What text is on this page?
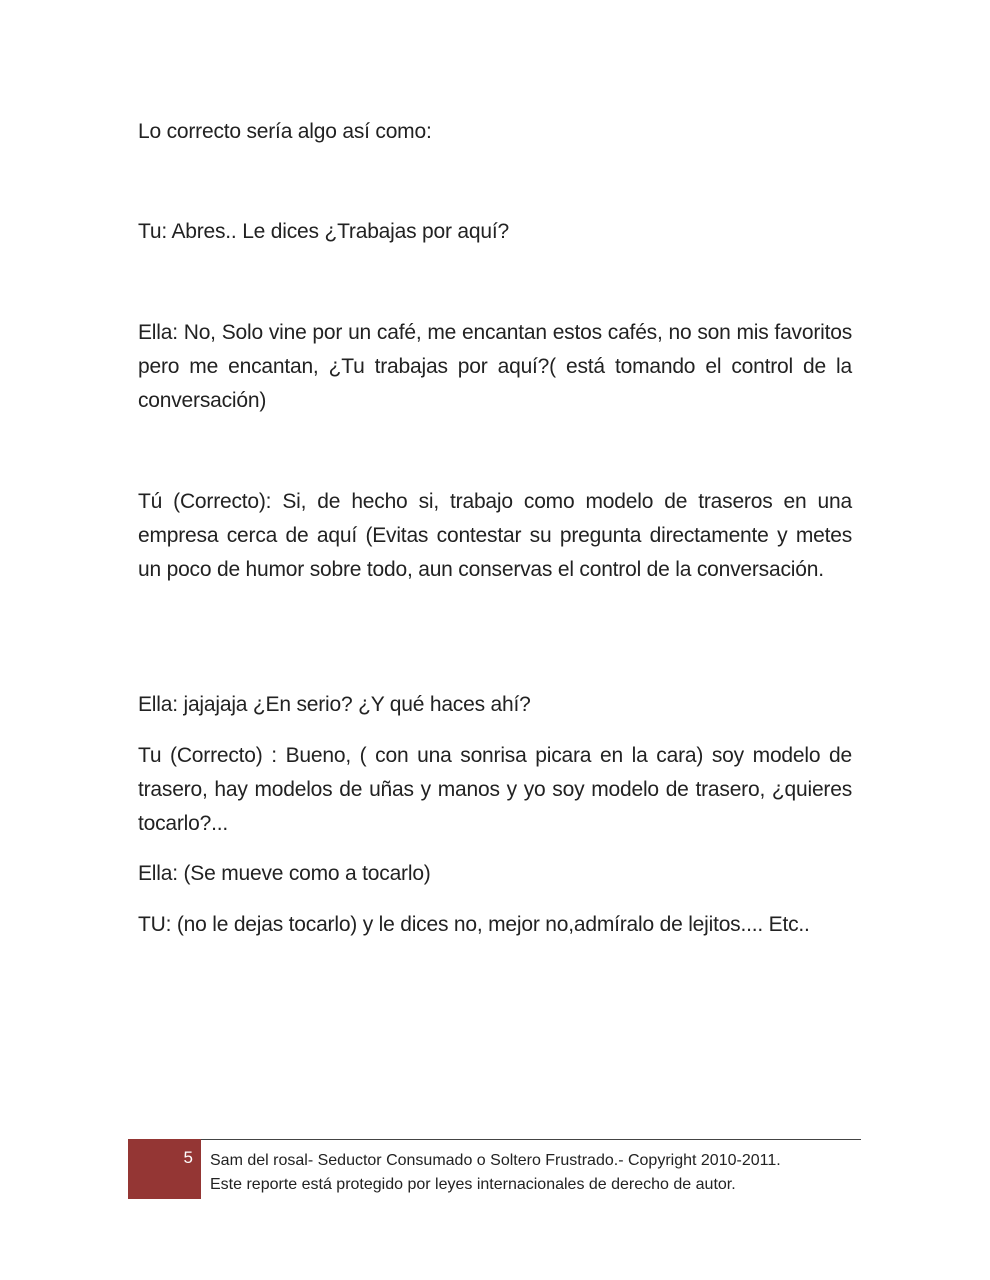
Lo correcto sería algo así como:

Tu: Abres.. Le dices ¿Trabajas por aquí?

Ella: No, Solo vine por un café, me encantan estos cafés, no son mis favoritos pero me encantan, ¿Tu trabajas por aquí?( está tomando el control de la conversación)

Tú (Correcto): Si, de hecho si, trabajo como modelo de traseros en una empresa cerca de aquí (Evitas contestar su pregunta directamente y metes un poco de humor sobre todo, aun conservas el control de la conversación.

Ella: jajajaja ¿En serio? ¿Y qué haces ahí?

Tu (Correcto) : Bueno, ( con una sonrisa picara en la cara) soy modelo de trasero, hay modelos de uñas y manos y yo soy modelo de trasero, ¿quieres tocarlo?...

Ella: (Se mueve como a tocarlo)

TU: (no le dejas tocarlo) y le dices no, mejor no,admíralo de lejitos.... Etc..

5 Sam del rosal- Seductor Consumado o Soltero Frustrado.- Copyright 2010-2011.
Este reporte está protegido por leyes internacionales de derecho de autor.
